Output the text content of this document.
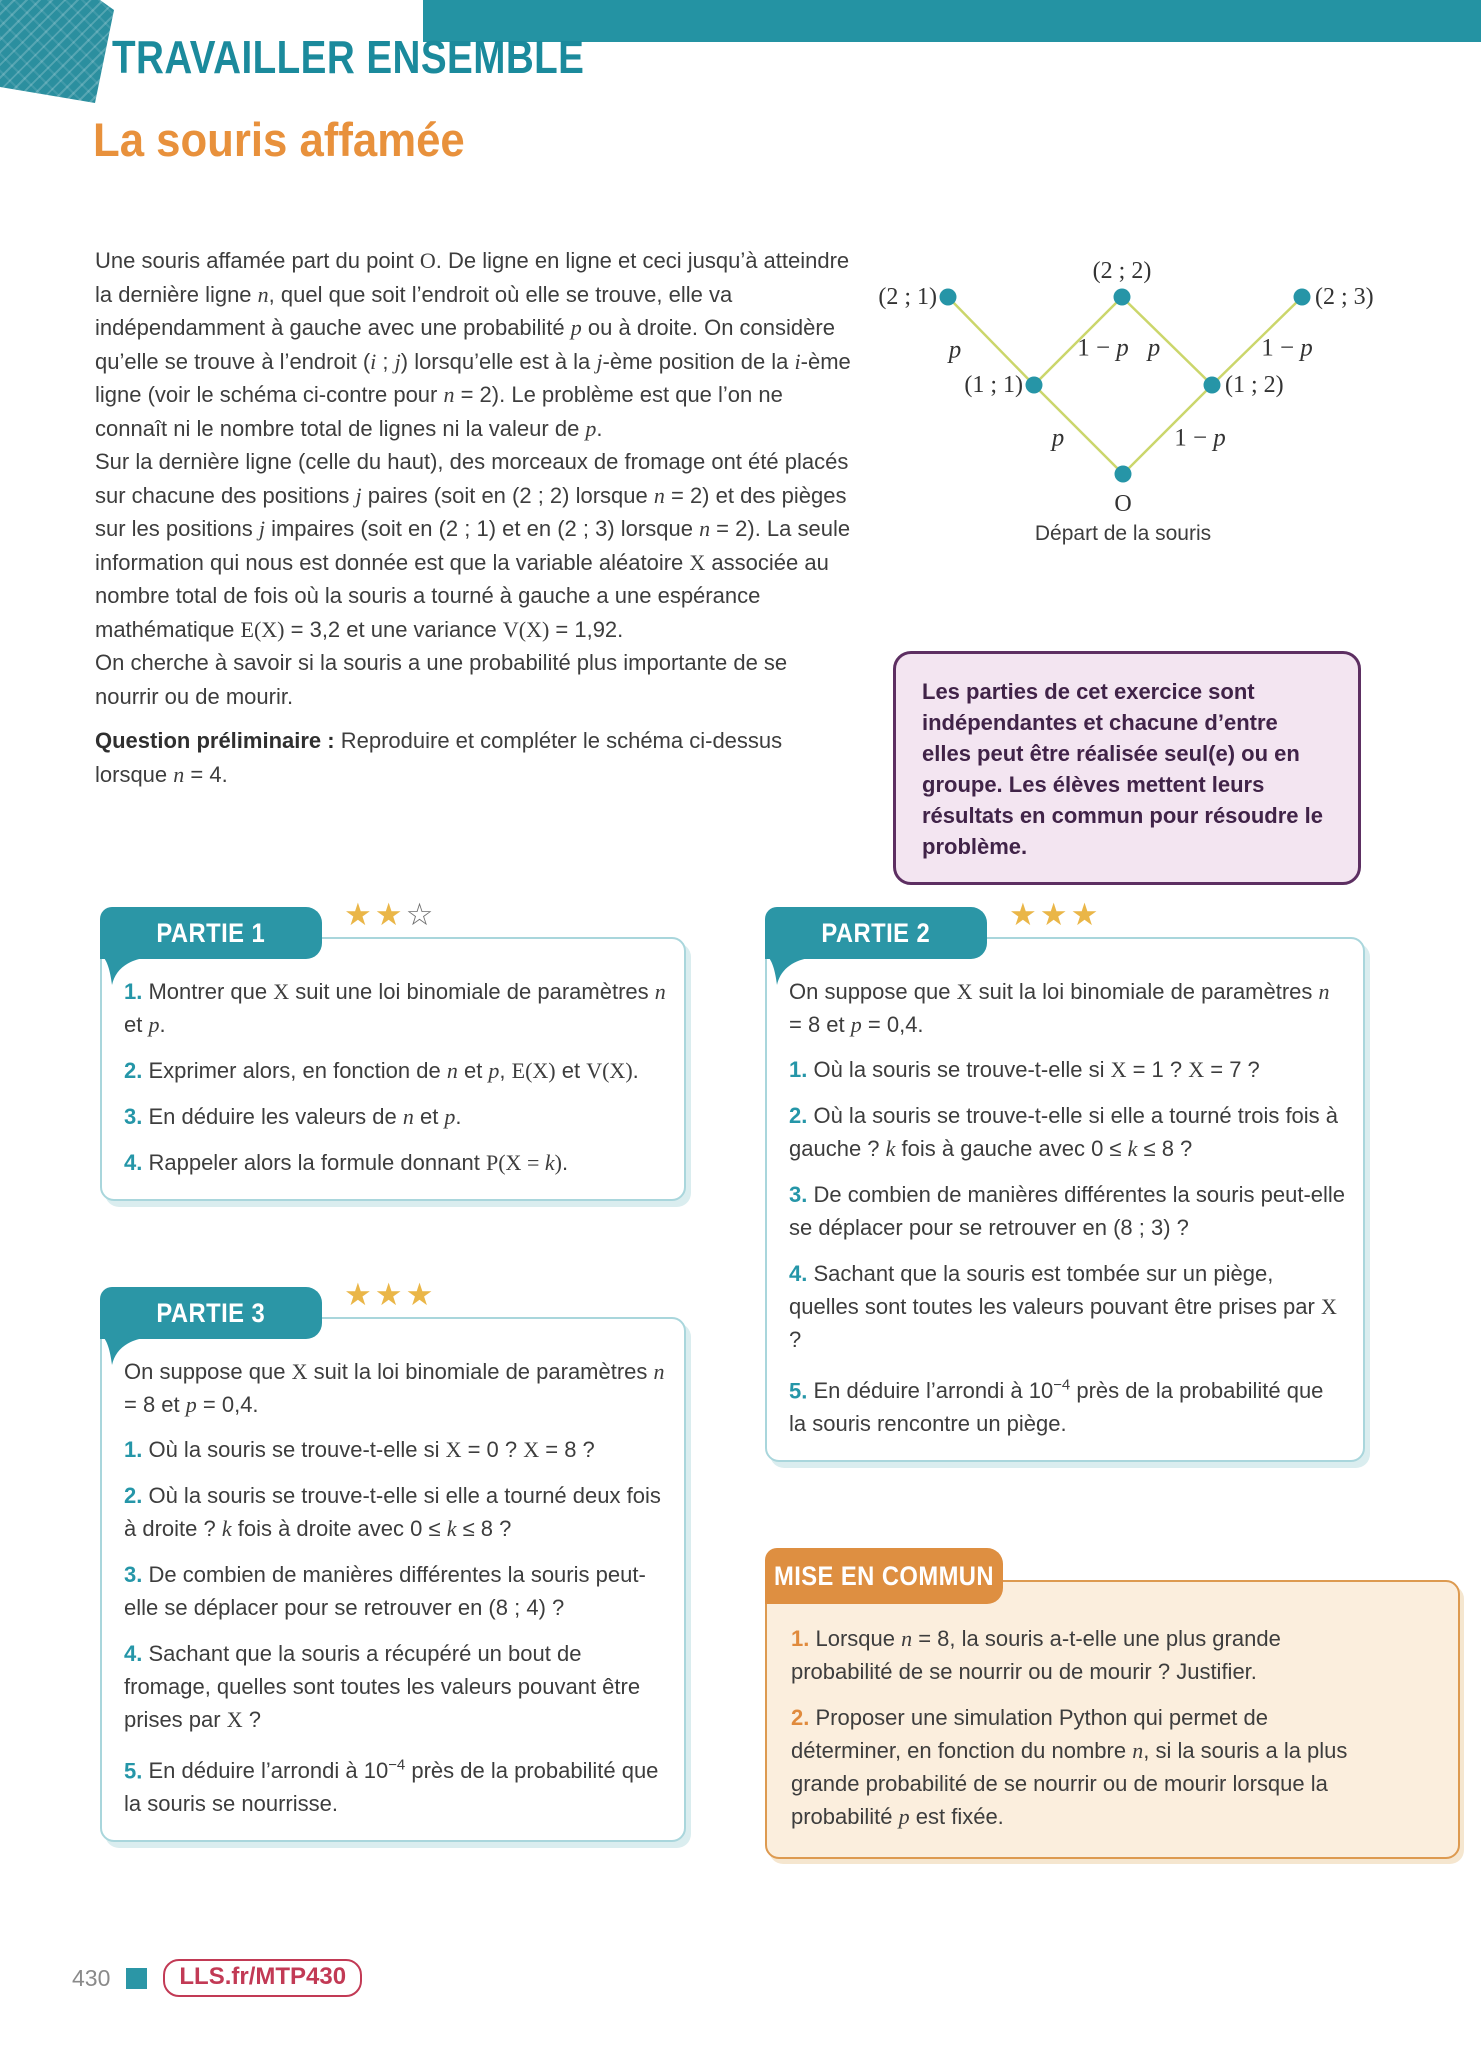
TRAVAILLER ENSEMBLE
La souris affamée

Une souris affamée part du point O. De ligne en ligne et ceci jusqu’à atteindre la dernière ligne n, quel que soit l’endroit où elle se trouve, elle va indépendamment à gauche avec une probabilité p ou à droite. On considère qu’elle se trouve à l’endroit (i ; j) lorsqu’elle est à la j-ème position de la i-ème ligne (voir le schéma ci-contre pour n = 2). Le problème est que l’on ne connaît ni le nombre total de lignes ni la valeur de p.

Sur la dernière ligne (celle du haut), des morceaux de fromage ont été placés sur chacune des positions j paires (soit en (2 ; 2) lorsque n = 2) et des pièges sur les positions j impaires (soit en (2 ; 1) et en (2 ; 3) lorsque n = 2). La seule information qui nous est donnée est que la variable aléatoire X associée au nombre total de fois où la souris a tourné à gauche a une espérance mathématique E(X) = 3,2 et une variance V(X) = 1,92.

On cherche à savoir si la souris a une probabilité plus importante de se nourrir ou de mourir.

Question préliminaire : Reproduire et compléter le schéma ci-dessus lorsque n = 4.

Départ de la souris
p	1 − p
p	1 − p p	1 − p
(2 ; 1)
(2 ; 2)
(2 ; 3)
(1 ; 1)	(1 ; 2)
O
Les parties de cet exercice sont indépendantes et chacune d’entre elles peut être réalisée seul(e) ou en groupe. Les élèves mettent leurs résultats en commun pour résoudre le problème.
PARTIE 1
★★☆
1. Montrer que X suit une loi binomiale de paramètres n et p.
2. Exprimer alors, en fonction de n et p, E(X) et V(X).
3. En déduire les valeurs de n et p.
4. Rappeler alors la formule donnant P(X = k).
PARTIE 2
★★★

On suppose que X suit la loi binomiale de paramètres n = 8 et p = 0,4.

1. Où la souris se trouve-t-elle si X = 1 ? X = 7 ?
2. Où la souris se trouve-t-elle si elle a tourné trois fois à gauche ? k fois à gauche avec 0 ≤ k ≤ 8 ?
3. De combien de manières différentes la souris peut-elle se déplacer pour se retrouver en (8 ; 3) ?
4. Sachant que la souris est tombée sur un piège, quelles sont toutes les valeurs pouvant être prises par X ?
5. En déduire l’arrondi à $10^{-4}$ près de la probabilité que la souris rencontre un piège.
PARTIE 3
★★★

On suppose que X suit la loi binomiale de paramètres n = 8 et p = 0,4.

1. Où la souris se trouve-t-elle si X = 0 ? X = 8 ?
2. Où la souris se trouve-t-elle si elle a tourné deux fois à droite ? k fois à droite avec 0 ≤ k ≤ 8 ?
3. De combien de manières différentes la souris peut-elle se déplacer pour se retrouver en (8 ; 4) ?
4. Sachant que la souris a récupéré un bout de fromage, quelles sont toutes les valeurs pouvant être prises par X ?
5. En déduire l’arrondi à $10^{-4}$ près de la probabilité que la souris se nourrisse.
MISE EN COMMUN
1. Lorsque n = 8, la souris a-t-elle une plus grande probabilité de se nourrir ou de mourir ? Justifier.
2. Proposer une simulation Python qui permet de déterminer, en fonction du nombre n, si la souris a la plus grande probabilité de se nourrir ou de mourir lorsque la probabilité p est fixée.
430	LLS.fr/MTP430
